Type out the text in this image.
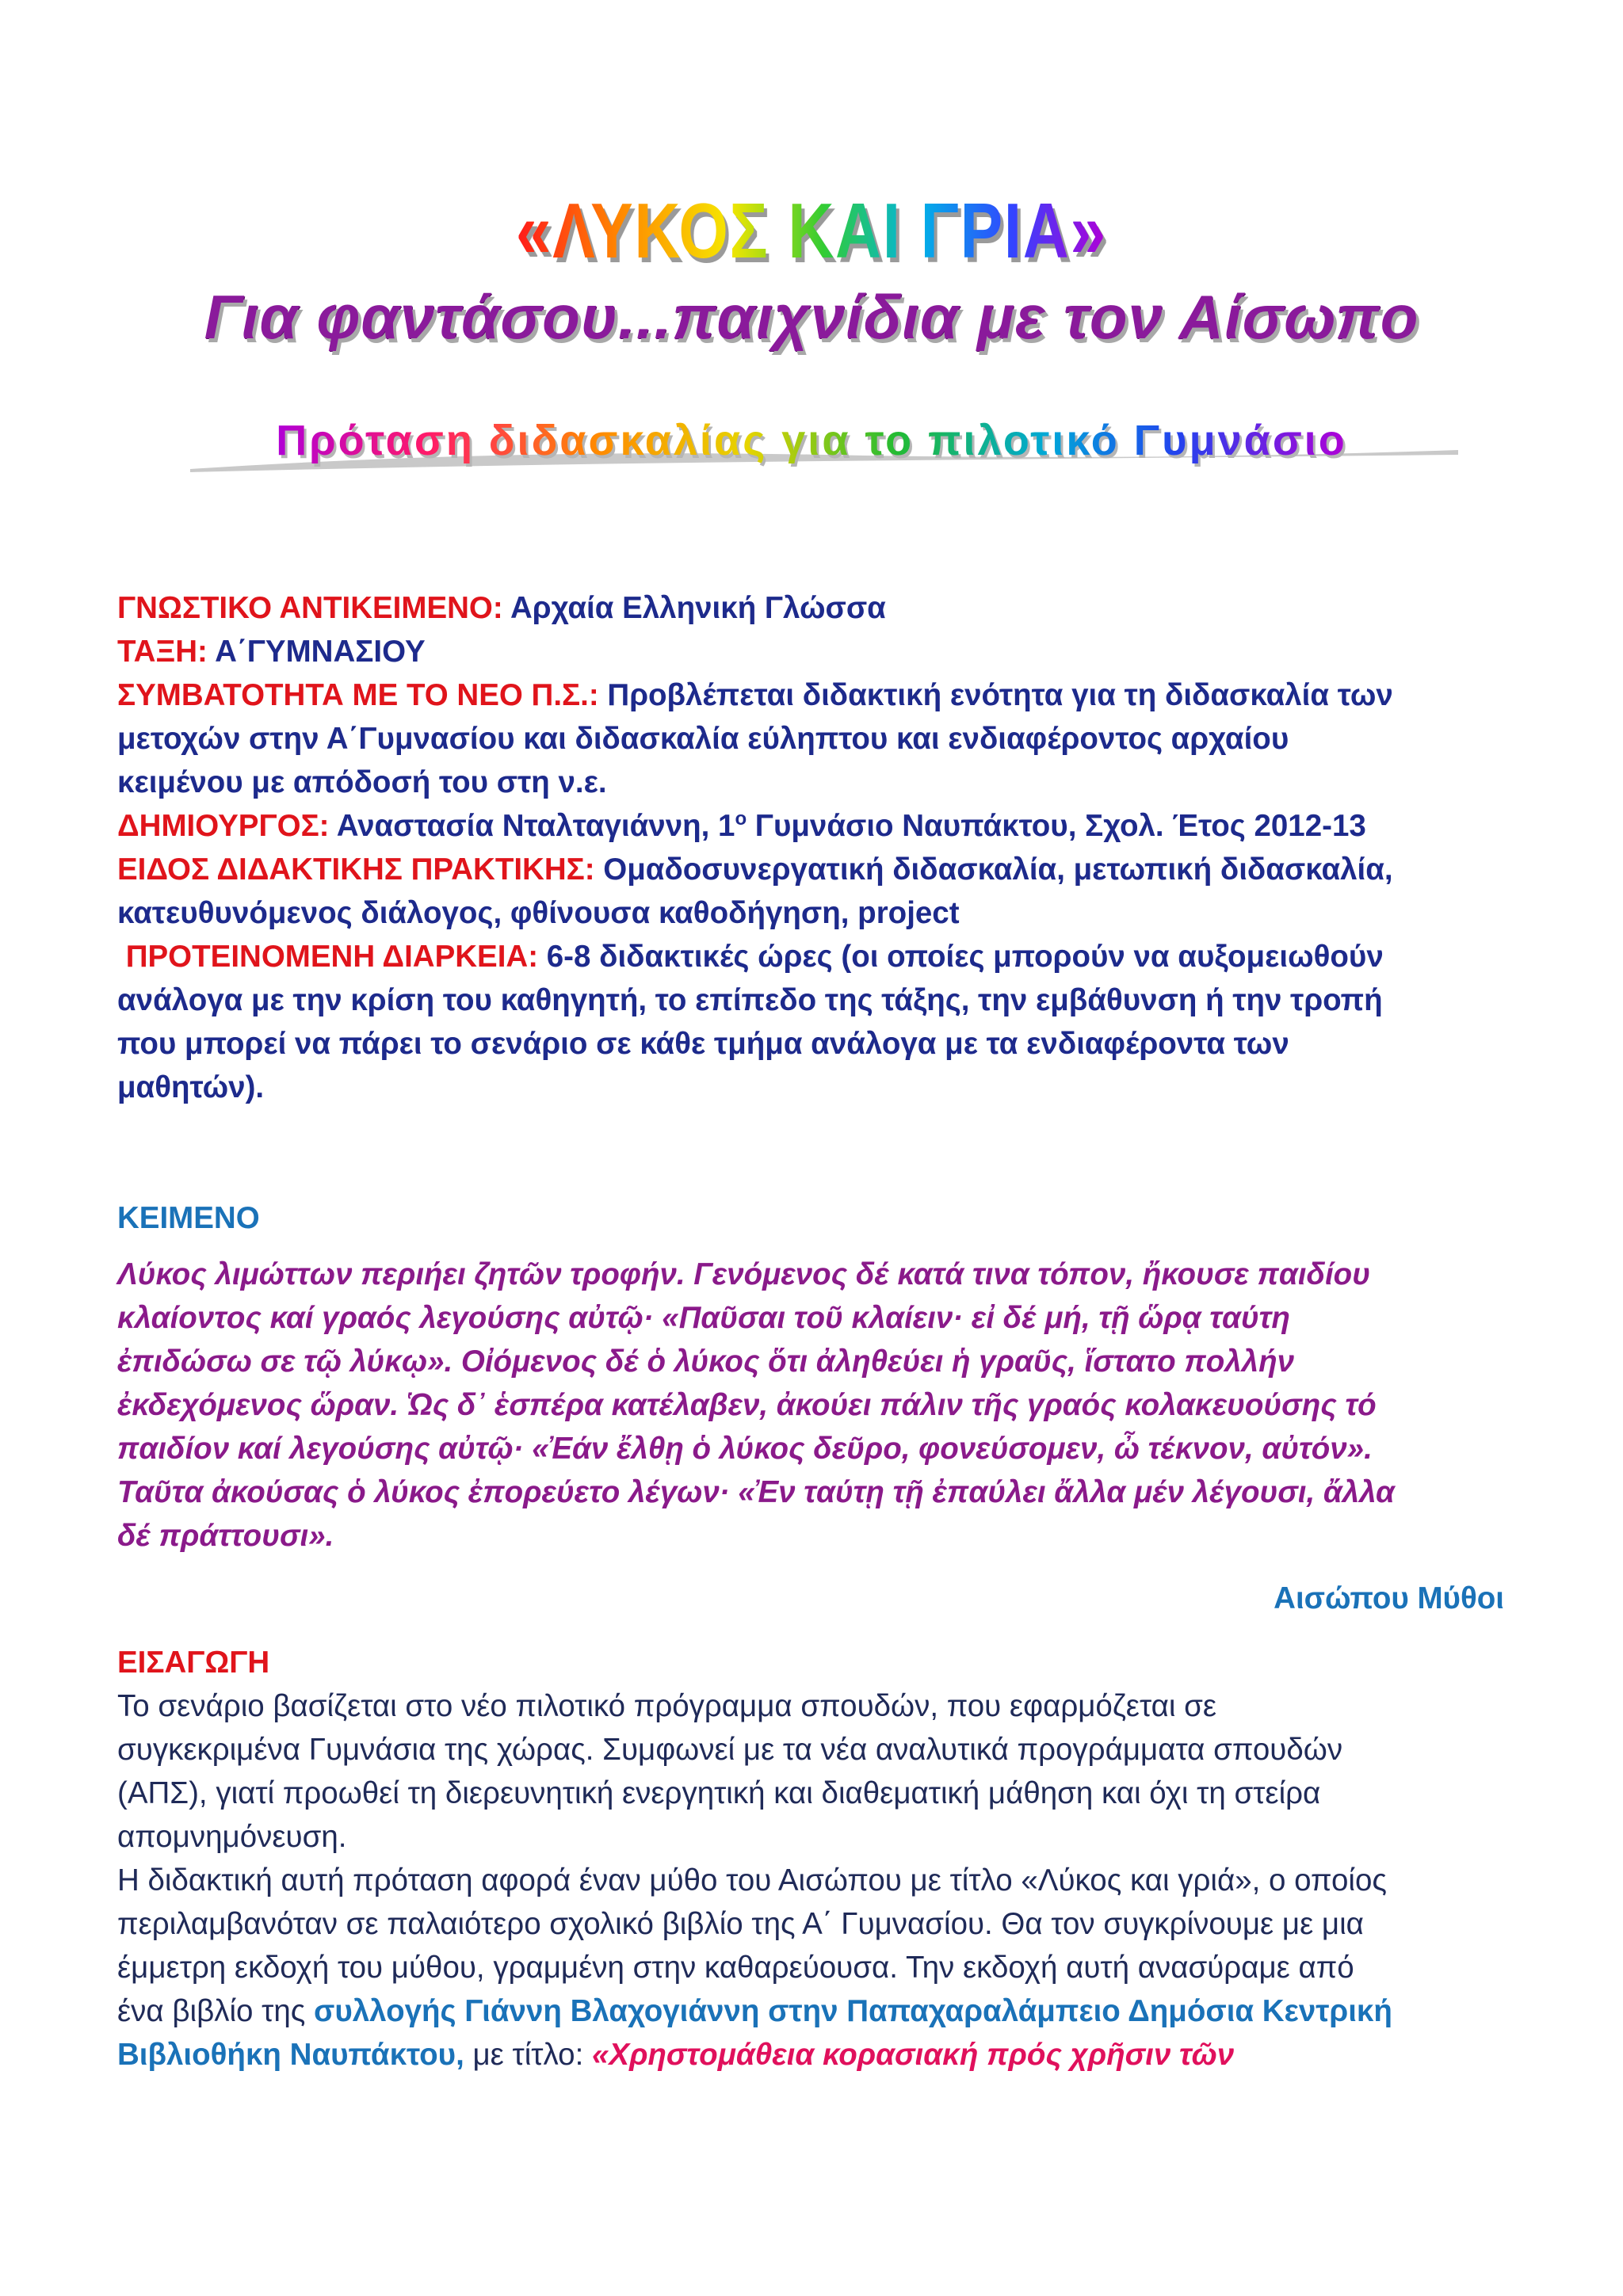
«ΛΥΚΟΣ ΚΑΙ ΓΡΙΑ»
Για φαντάσου...παιχνίδια με τον Αίσωπο
Πρόταση διδασκαλίας για το πιλοτικό Γυμνάσιο

ΓΝΩΣΤΙΚΟ ΑΝΤΙΚΕΙΜΕΝΟ: Αρχαία Ελληνική Γλώσσα

ΤΑΞΗ: Α΄ΓΥΜΝΑΣΙΟΥ

ΣΥΜΒΑΤΟΤΗΤΑ ΜΕ ΤΟ ΝΕΟ Π.Σ.: Προβλέπεται διδακτική ενότητα για τη διδασκαλία των
μετοχών στην Α΄Γυμνασίου και διδασκαλία εύληπτου και ενδιαφέροντος αρχαίου
κειμένου με απόδοσή του στη ν.ε.

ΔΗΜΙΟΥΡΓΟΣ: Αναστασία Νταλταγιάννη, $1^o$ Γυμνάσιο Ναυπάκτου, Σχολ. Έτος 2012-13

ΕΙΔΟΣ ΔΙΔΑΚΤΙΚΗΣ ΠΡΑΚΤΙΚΗΣ: Ομαδοσυνεργατική διδασκαλία, μετωπική διδασκαλία,
κατευθυνόμενος διάλογος, φθίνουσα καθοδήγηση, project

ΠΡΟΤΕΙΝΟΜΕΝΗ ΔΙΑΡΚΕΙΑ: 6-8 διδακτικές ώρες (οι οποίες μπορούν να αυξομειωθούν
ανάλογα με την κρίση του καθηγητή, το επίπεδο της τάξης, την εμβάθυνση ή την τροπή
που μπορεί να πάρει το σενάριο σε κάθε τμήμα ανάλογα με τα ενδιαφέροντα των
μαθητών).

ΚΕΙΜΕΝΟ

Λύκος λιμώττων περιήει ζητῶν τροφήν. Γενόμενος δέ κατά τινα τόπον, ἤκουσε παιδίου
κλαίοντος καί γραός λεγούσης αὐτῷ· «Παῦσαι τοῦ κλαίειν· εἰ δέ μή, τῇ ὥρᾳ ταύτη
ἐπιδώσω σε τῷ λύκῳ». Οἰόμενος δέ ὁ λύκος ὅτι ἀληθεύει ἡ γραῦς, ἵστατο πολλήν
ἐκδεχόμενος ὥραν. Ὡς δ᾽ ἑσπέρα κατέλαβεν, ἀκούει πάλιν τῆς γραός κολακευούσης τό
παιδίον καί λεγούσης αὐτῷ· «Ἐάν ἔλθῃ ὁ λύκος δεῦρο, φονεύσομεν, ὦ τέκνον, αὐτόν».
Ταῦτα ἀκούσας ὁ λύκος ἐπορεύετο λέγων· «Ἐν ταύτῃ τῇ ἐπαύλει ἄλλα μέν λέγουσι, ἄλλα
δέ πράττουσι».

Αισώπου Μύθοι

ΕΙΣΑΓΩΓΗ

Το σενάριο βασίζεται στο νέο πιλοτικό πρόγραμμα σπουδών, που εφαρμόζεται σε
συγκεκριμένα Γυμνάσια της χώρας. Συμφωνεί με τα νέα αναλυτικά προγράμματα σπουδών
(ΑΠΣ), γιατί προωθεί τη διερευνητική ενεργητική και διαθεματική μάθηση και όχι τη στείρα
απομνημόνευση.

Η διδακτική αυτή πρόταση αφορά έναν μύθο του Αισώπου με τίτλο «Λύκος και γριά», ο οποίος
περιλαμβανόταν σε παλαιότερο σχολικό βιβλίο της Α΄ Γυμνασίου. Θα τον συγκρίνουμε με μια
έμμετρη εκδοχή του μύθου, γραμμένη στην καθαρεύουσα. Την εκδοχή αυτή ανασύραμε από
ένα βιβλίο της συλλογής Γιάννη Βλαχογιάννη στην Παπαχαραλάμπειο Δημόσια Κεντρική
Βιβλιοθήκη Ναυπάκτου, με τίτλο: «Χρηστομάθεια κορασιακή πρός χρῆσιν τῶν
